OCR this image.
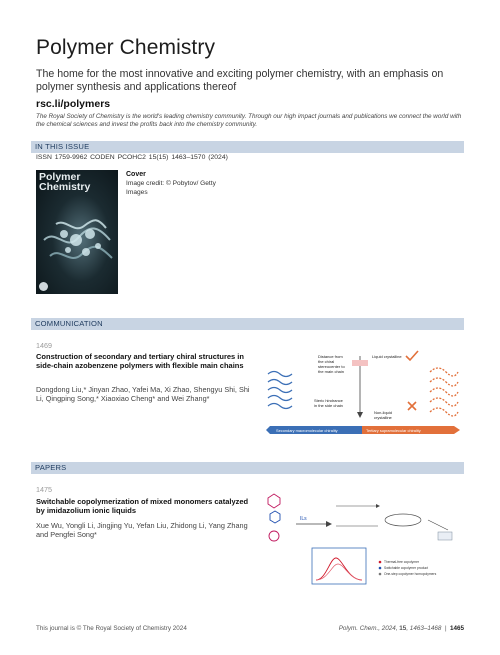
Polymer Chemistry
The home for the most innovative and exciting polymer chemistry, with an emphasis on polymer synthesis and applications thereof
rsc.li/polymers
The Royal Society of Chemistry is the world's leading chemistry community. Through our high impact journals and publications we connect the world with the chemical sciences and invest the profits back into the chemistry community.
IN THIS ISSUE
ISSN 1759-9962 CODEN PCOHC2 15(15) 1463–1570 (2024)
Polymer Chemistry
Cover
Image credit: © Pobytov/ Getty Images
COMMUNICATION
1469
Construction of secondary and tertiary chiral structures in side-chain azobenzene polymers with flexible main chains
Dongdong Liu,* Jinyan Zhao, Yafei Ma, Xi Zhao, Shengyu Shi, Shi Li, Qingping Song,* Xiaoxiao Cheng* and Wei Zhang*
Distance from the chiral stereocenter to the main chain
Steric hindrance in the side chain
Liquid crystalline
Non-liquid crystalline
Secondary macromolecular chirality	Tertiary supramolecular chirality
PAPERS
1475
Switchable copolymerization of mixed monomers catalyzed by imidazolium ionic liquids
Xue Wu, Yongli Li, Jingjing Yu, Yefan Liu, Zhidong Li, Yang Zhang and Pengfei Song*
ILs
Thermal-free copolymer
Switchable copolymer product
One-step copolymer homopolymers
This journal is © The Royal Society of Chemistry 2024	Polym. Chem., 2024, 15, 1463–1468 | 1465
